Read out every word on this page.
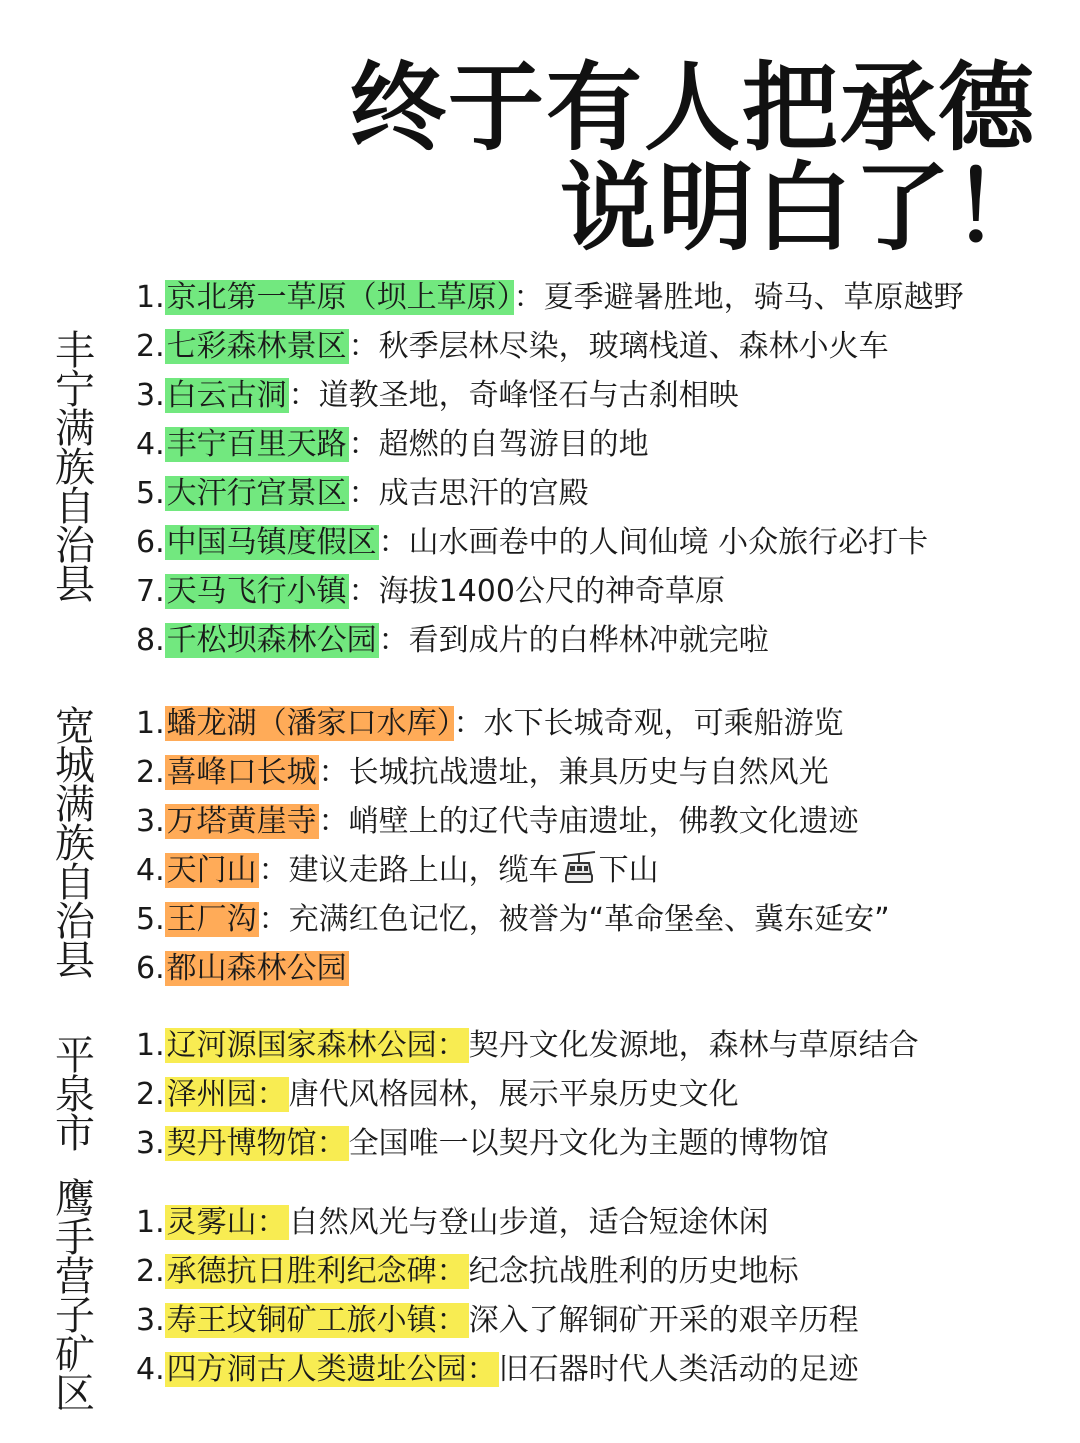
终于有人把承德
说明白了！
丰宁满族自治县
1.京北第一草原（坝上草原）：夏季避暑胜地，骑马、草原越野
2.七彩森林景区：秋季层林尽染，玻璃栈道、森林小火车
3.白云古洞：道教圣地，奇峰怪石与古刹相映
4.丰宁百里天路：超燃的自驾游目的地
5.大汗行宫景区：成吉思汗的宫殿
6.中国马镇度假区：山水画卷中的人间仙境 小众旅行必打卡
7.天马飞行小镇：海拔1400公尺的神奇草原
8.千松坝森林公园：看到成片的白桦林冲就完啦
宽城满族自治县
1.蟠龙湖（潘家口水库）：水下长城奇观，可乘船游览
2.喜峰口长城：长城抗战遗址，兼具历史与自然风光
3.万塔黄崖寺：峭壁上的辽代寺庙遗址，佛教文化遗迹
4.天门山：建议走路上山，缆车 下山
5.王厂沟：充满红色记忆，被誉为“革命堡垒、冀东延安”
6.都山森林公园
平泉市
1.辽河源国家森林公园：契丹文化发源地，森林与草原结合
2.泽州园：唐代风格园林，展示平泉历史文化
3.契丹博物馆：全国唯一以契丹文化为主题的博物馆
鹰手营子矿区
1.灵雾山：自然风光与登山步道，适合短途休闲
2.承德抗日胜利纪念碑：纪念抗战胜利的历史地标
3.寿王坟铜矿工旅小镇：深入了解铜矿开采的艰辛历程
4.四方洞古人类遗址公园：旧石器时代人类活动的足迹
